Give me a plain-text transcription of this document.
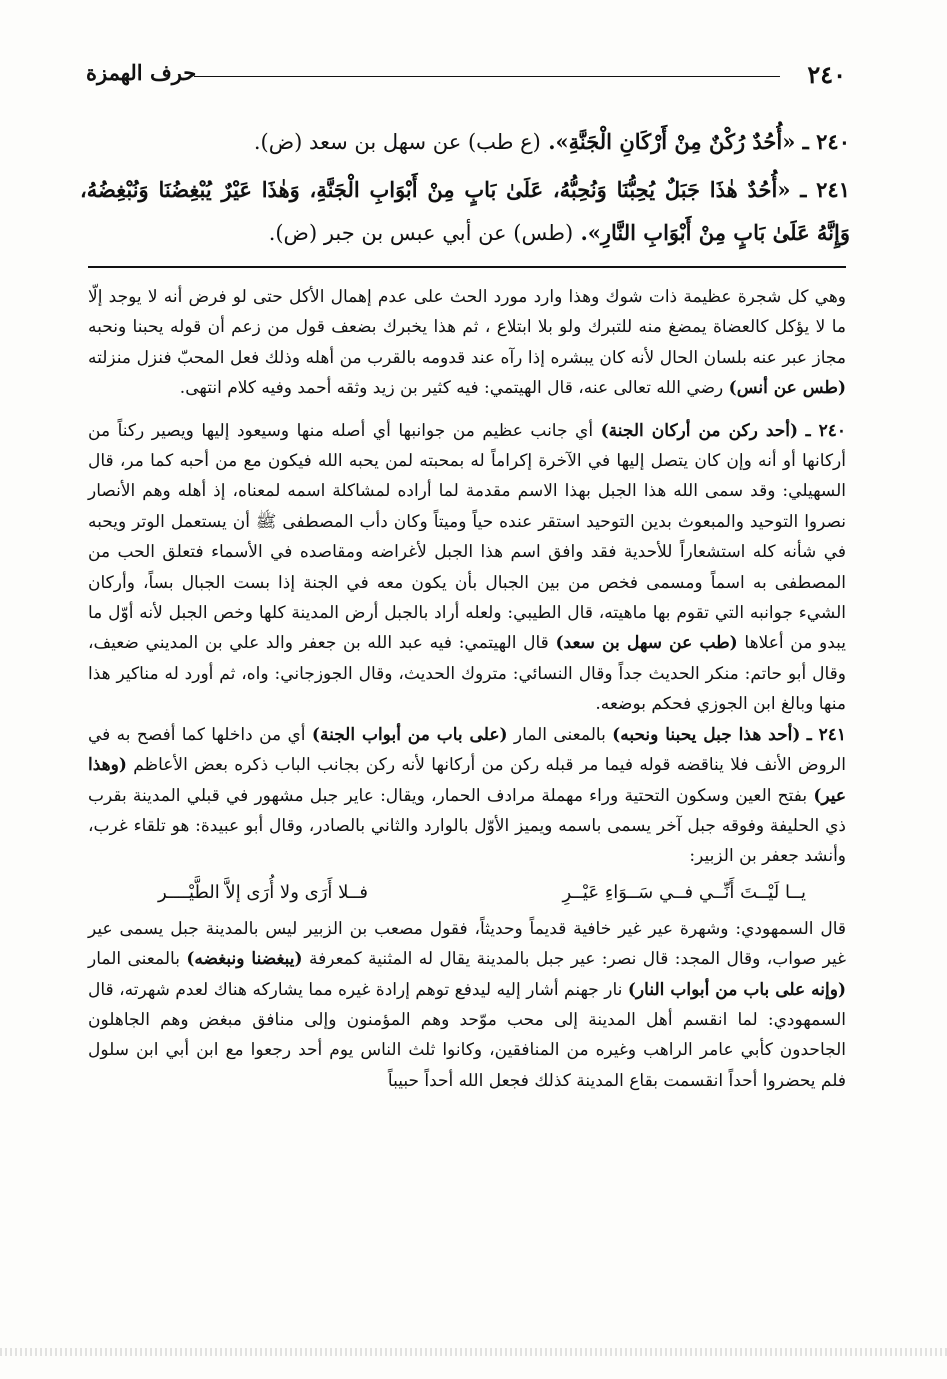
٢٤٠
حرف الهمزة

٢٤٠ ـ «أُحُدٌ رُكْنٌ مِنْ أَرْكَانِ الْجَنَّةِ». (ع طب) عن سهل بن سعد (ض).

٢٤١ ـ «أُحُدٌ هٰذَا جَبَلٌ يُحِبُّنَا وَنُحِبُّهُ، عَلَىٰ بَابٍ مِنْ أَبْوَابِ الْجَنَّةِ، وَهٰذَا عَيْرٌ يُبْغِضُنَا وَنُبْغِضُهُ، وَإِنَّهُ عَلَىٰ بَابٍ مِنْ أَبْوَابِ النَّارِ». (طس) عن أبي عبس بن جبر (ض).

وهي كل شجرة عظيمة ذات شوك وهذا وارد مورد الحث على عدم إهمال الأكل حتى لو فرض أنه لا يوجد إلّا ما لا يؤكل كالعضاة يمضغ منه للتبرك ولو بلا ابتلاع ، ثم هذا يخبرك بضعف قول من زعم أن قوله يحبنا ونحبه مجاز عبر عنه بلسان الحال لأنه كان يبشره إذا رآه عند قدومه بالقرب من أهله وذلك فعل المحبّ فنزل منزلته (طس عن أنس) رضي الله تعالى عنه، قال الهيتمي: فيه كثير بن زيد وثقه أحمد وفيه كلام انتهى.

٢٤٠ ـ (أحد ركن من أركان الجنة) أي جانب عظيم من جوانبها أي أصله منها وسيعود إليها ويصير ركناً من أركانها أو أنه وإن كان يتصل إليها في الآخرة إكراماً له بمحبته لمن يحبه الله فيكون مع من أحبه كما مر، قال السهيلي: وقد سمى الله هذا الجبل بهذا الاسم مقدمة لما أراده لمشاكلة اسمه لمعناه، إذ أهله وهم الأنصار نصروا التوحيد والمبعوث بدين التوحيد استقر عنده حياً وميتاً وكان دأب المصطفى ﷺ أن يستعمل الوتر ويحبه في شأنه كله استشعاراً للأحدية فقد وافق اسم هذا الجبل لأغراضه ومقاصده في الأسماء فتعلق الحب من المصطفى به اسماً ومسمى فخص من بين الجبال بأن يكون معه في الجنة إذا بست الجبال بساً، وأركان الشيء جوانبه التي تقوم بها ماهيته، قال الطيبي: ولعله أراد بالجبل أرض المدينة كلها وخص الجبل لأنه أوّل ما يبدو من أعلاها (طب عن سهل بن سعد) قال الهيتمي: فيه عبد الله بن جعفر والد علي بن المديني ضعيف، وقال أبو حاتم: منكر الحديث جداً وقال النسائي: متروك الحديث، وقال الجوزجاني: واه، ثم أورد له مناكير هذا منها وبالغ ابن الجوزي فحكم بوضعه.

٢٤١ ـ (أحد هذا جبل يحبنا ونحبه) بالمعنى المار (على باب من أبواب الجنة) أي من داخلها كما أفصح به في الروض الأنف فلا يناقضه قوله فيما مر قبله ركن من أركانها لأنه ركن بجانب الباب ذكره بعض الأعاظم (وهذا عير) بفتح العين وسكون التحتية وراء مهملة مرادف الحمار، ويقال: عاير جبل مشهور في قبلي المدينة بقرب ذي الحليفة وفوقه جبل آخر يسمى باسمه ويميز الأوّل بالوارد والثاني بالصادر، وقال أبو عبيدة: هو تلقاء غرب، وأنشد جعفر بن الزبير:

يــا لَيْــتَ أَنِّــي فــي سَــوَاءِ عَيْــرِ
فــلا أَرَى ولا أُرَى إلاَّ الطَّيْــــر

قال السمهودي: وشهرة عير غير خافية قديماً وحديثاً، فقول مصعب بن الزبير ليس بالمدينة جبل يسمى عير غير صواب، وقال المجد: قال نصر: عير جبل بالمدينة يقال له المثنية كمعرفة (يبغضنا ونبغضه) بالمعنى المار (وإنه على باب من أبواب النار) نار جهنم أشار إليه ليدفع توهم إرادة غيره مما يشاركه هناك لعدم شهرته، قال السمهودي: لما انقسم أهل المدينة إلى محب موّحد وهم المؤمنون وإلى منافق مبغض وهم الجاهلون الجاحدون كأبي عامر الراهب وغيره من المنافقين، وكانوا ثلث الناس يوم أحد رجعوا مع ابن أبي ابن سلول فلم يحضروا أحداً انقسمت بقاع المدينة كذلك فجعل الله أحداً حبيباً
